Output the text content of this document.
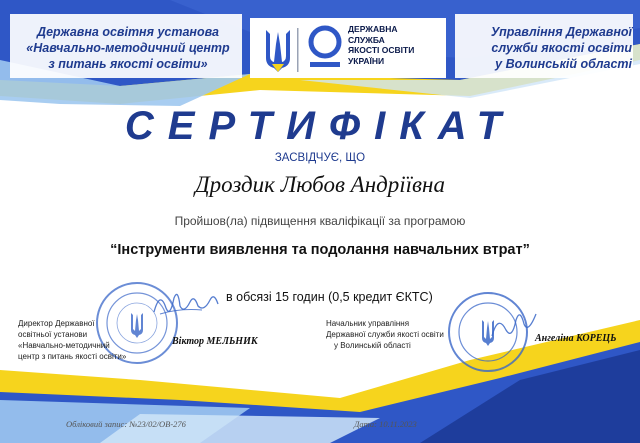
Державна освітня установа
«Навчально-методичний центр
з питань якості освіти»
ДЕРЖАВНА
СЛУЖБА
ЯКОСТІ ОСВІТИ
УКРАЇНИ
Управління Державної
служби якості освіти
у Волинській області
СЕРТИФІКАТ
ЗАСВІДЧУЄ, ЩО
Дроздик Любов Андріївна
Пройшов(ла) підвищення кваліфікації за програмою
“Інструменти виявлення та подолання навчальних втрат”
в обсязі 15 годин (0,5 кредит ЄКТС)
Директор Державної
освітньої установи
«Навчально-методичний
центр з питань якості освіти»
Віктор МЕЛЬНИК
Начальник управління
Державної служби якості освіти
у Волинській області
Ангеліна КОРЕЦЬ
Обліковий запис: №23/02/ОВ-276	Дата: 10.11.2023
